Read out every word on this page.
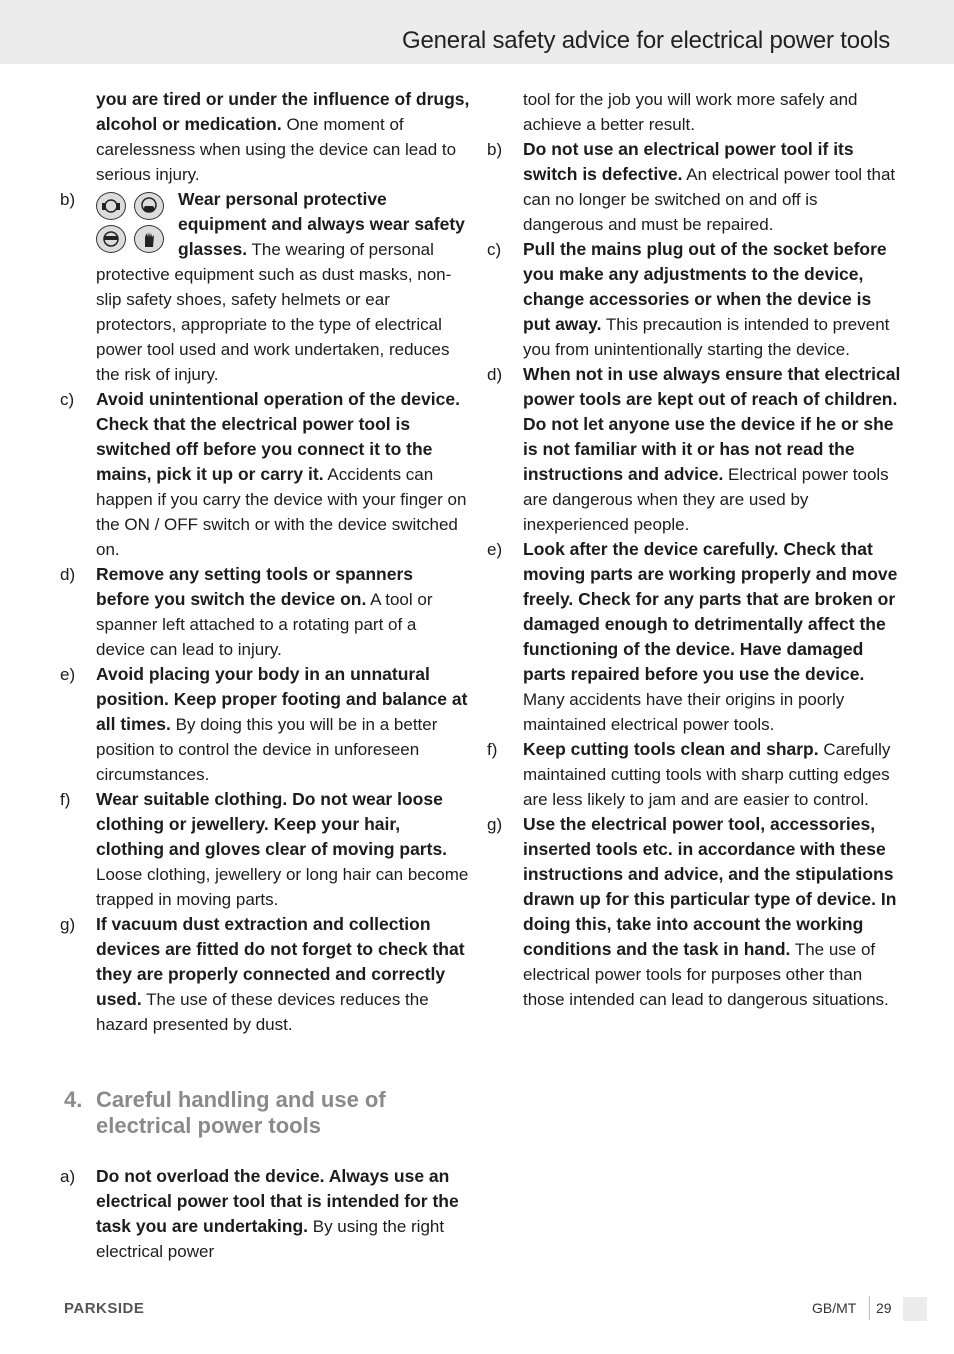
General safety advice for electrical power tools
you are tired or under the influence of drugs, alcohol or medication. One moment of carelessness when using the device can lead to serious injury.
b)	Wear personal protective equipment and always wear safety glasses. The wearing of personal protective equipment such as dust masks, non-slip safety shoes, safety helmets or ear protectors, appropriate to the type of electrical power tool used and work undertaken, reduces the risk of injury.
c) Avoid unintentional operation of the device. Check that the electrical power tool is switched off before you connect it to the mains, pick it up or carry it. Accidents can happen if you carry the device with your finger on the ON / OFF switch or with the device switched on.
d) Remove any setting tools or spanners before you switch the device on. A tool or spanner left attached to a rotating part of a device can lead to injury.
e) Avoid placing your body in an unnatural position. Keep proper footing and balance at all times. By doing this you will be in a better position to control the device in unforeseen circumstances.
f) Wear suitable clothing. Do not wear loose clothing or jewellery. Keep your hair, clothing and gloves clear of moving parts. Loose clothing, jewellery or long hair can become trapped in moving parts.
g) If vacuum dust extraction and collection devices are fitted do not forget to check that they are properly connected and correctly used. The use of these devices reduces the hazard presented by dust.
4. Careful handling and use of electrical power tools
a) Do not overload the device. Always use an electrical power tool that is intended for the task you are undertaking. By using the right electrical power
tool for the job you will work more safely and achieve a better result.
b) Do not use an electrical power tool if its switch is defective. An electrical power tool that can no longer be switched on and off is dangerous and must be repaired.
c) Pull the mains plug out of the socket before you make any adjustments to the device, change accessories or when the device is put away. This precaution is intended to prevent you from unintentionally starting the device.
d) When not in use always ensure that electrical power tools are kept out of reach of children. Do not let anyone use the device if he or she is not familiar with it or has not read the instructions and advice. Electrical power tools are dangerous when they are used by inexperienced people.
e) Look after the device carefully. Check that moving parts are working properly and move freely. Check for any parts that are broken or damaged enough to detrimentally affect the functioning of the device. Have damaged parts repaired before you use the device. Many accidents have their origins in poorly maintained electrical power tools.
f) Keep cutting tools clean and sharp. Carefully maintained cutting tools with sharp cutting edges are less likely to jam and are easier to control.
g) Use the electrical power tool, accessories, inserted tools etc. in accordance with these instructions and advice, and the stipulations drawn up for this particular type of device. In doing this, take into account the working conditions and the task in hand. The use of electrical power tools for purposes other than those intended can lead to dangerous situations.
PARKSIDE	GB/MT 29
